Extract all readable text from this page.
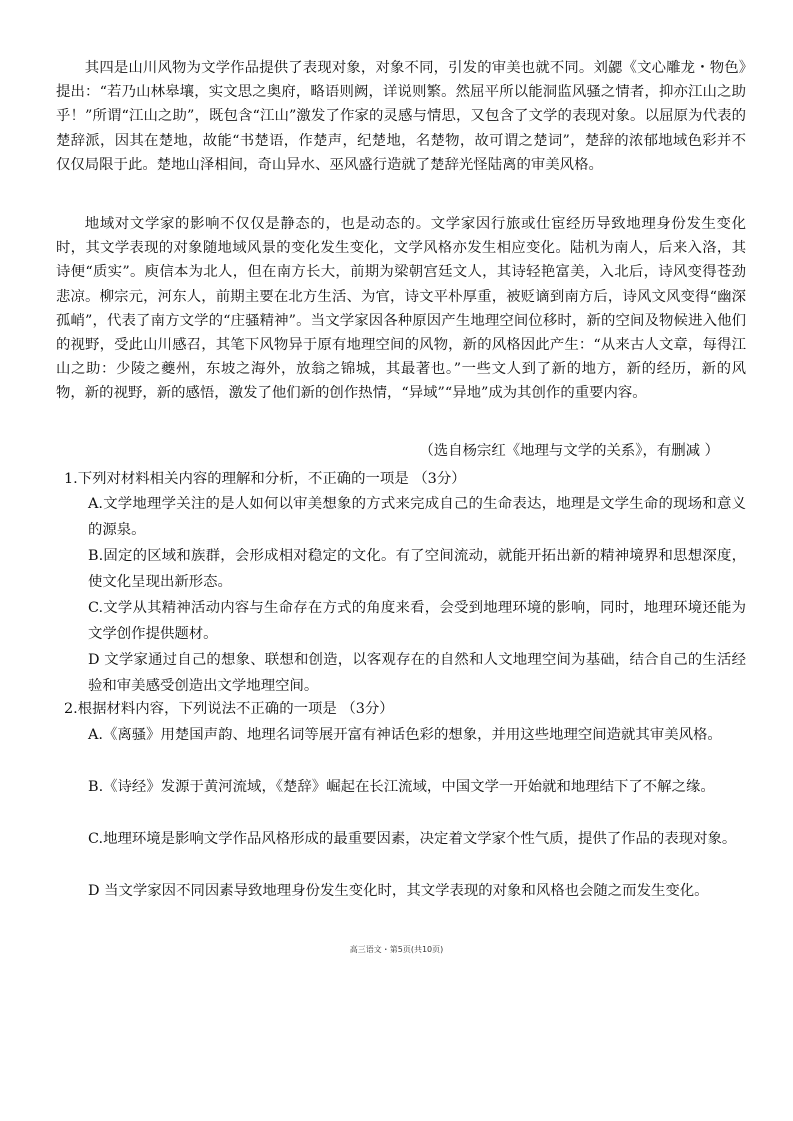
其四是山川风物为文学作品提供了表现对象，对象不同，引发的审美也就不同。刘勰《文心雕龙・物色》提出：“若乃山林皋壤，实文思之奥府，略语则阙，详说则繁。然屈平所以能洞监风骚之情者，抑亦江山之助乎！”所谓“江山之助”，既包含“江山”激发了作家的灵感与情思，又包含了文学的表现对象。以屈原为代表的楚辞派，因其在楚地，故能“书楚语，作楚声，纪楚地，名楚物，故可谓之楚词”，楚辞的浓郁地域色彩并不仅仅局限于此。楚地山泽相间，奇山异水、巫风盛行造就了楚辞光怪陆离的审美风格。

地域对文学家的影响不仅仅是静态的，也是动态的。文学家因行旅或仕宦经历导致地理身份发生变化时，其文学表现的对象随地域风景的变化发生变化，文学风格亦发生相应变化。陆机为南人，后来入洛，其诗便“质实”。庾信本为北人，但在南方长大，前期为梁朝宫廷文人，其诗轻艳富美，入北后，诗风变得苍劲悲凉。柳宗元，河东人，前期主要在北方生活、为官，诗文平朴厚重，被贬谪到南方后，诗风文风变得“幽深孤峭”，代表了南方文学的“庄骚精神”。当文学家因各种原因产生地理空间位移时，新的空间及物候进入他们的视野，受此山川感召，其笔下风物异于原有地理空间的风物，新的风格因此产生：“从来古人文章，每得江山之助：少陵之夔州，东坡之海外，放翁之锦城，其最著也。”一些文人到了新的地方，新的经历，新的风物，新的视野，新的感悟，激发了他们新的创作热情，“异域”“异地”成为其创作的重要内容。

（选自杨宗红《地理与文学的关系》，有删减 ）

1.下列对材料相关内容的理解和分析，不正确的一项是 （3分）

A.文学地理学关注的是人如何以审美想象的方式来完成自己的生命表达，地理是文学生命的现场和意义的源泉。

B.固定的区域和族群，会形成相对稳定的文化。有了空间流动，就能开拓出新的精神境界和思想深度，使文化呈现出新形态。

C.文学从其精神活动内容与生命存在方式的角度来看，会受到地理环境的影响，同时，地理环境还能为文学创作提供题材。

D 文学家通过自己的想象、联想和创造，以客观存在的自然和人文地理空间为基础，结合自己的生活经验和审美感受创造出文学地理空间。

2.根据材料内容，下列说法不正确的一项是 （3分）

A.《离骚》用楚国声韵、地理名词等展开富有神话色彩的想象，并用这些地理空间造就其审美风格。

B.《诗经》发源于黄河流域，《楚辞》崛起在长江流域，中国文学一开始就和地理结下了不解之缘。

C.地理环境是影响文学作品风格形成的最重要因素，决定着文学家个性气质，提供了作品的表现对象。

D 当文学家因不同因素导致地理身份发生变化时，其文学表现的对象和风格也会随之而发生变化。

高三语文・第5页(共10页)
